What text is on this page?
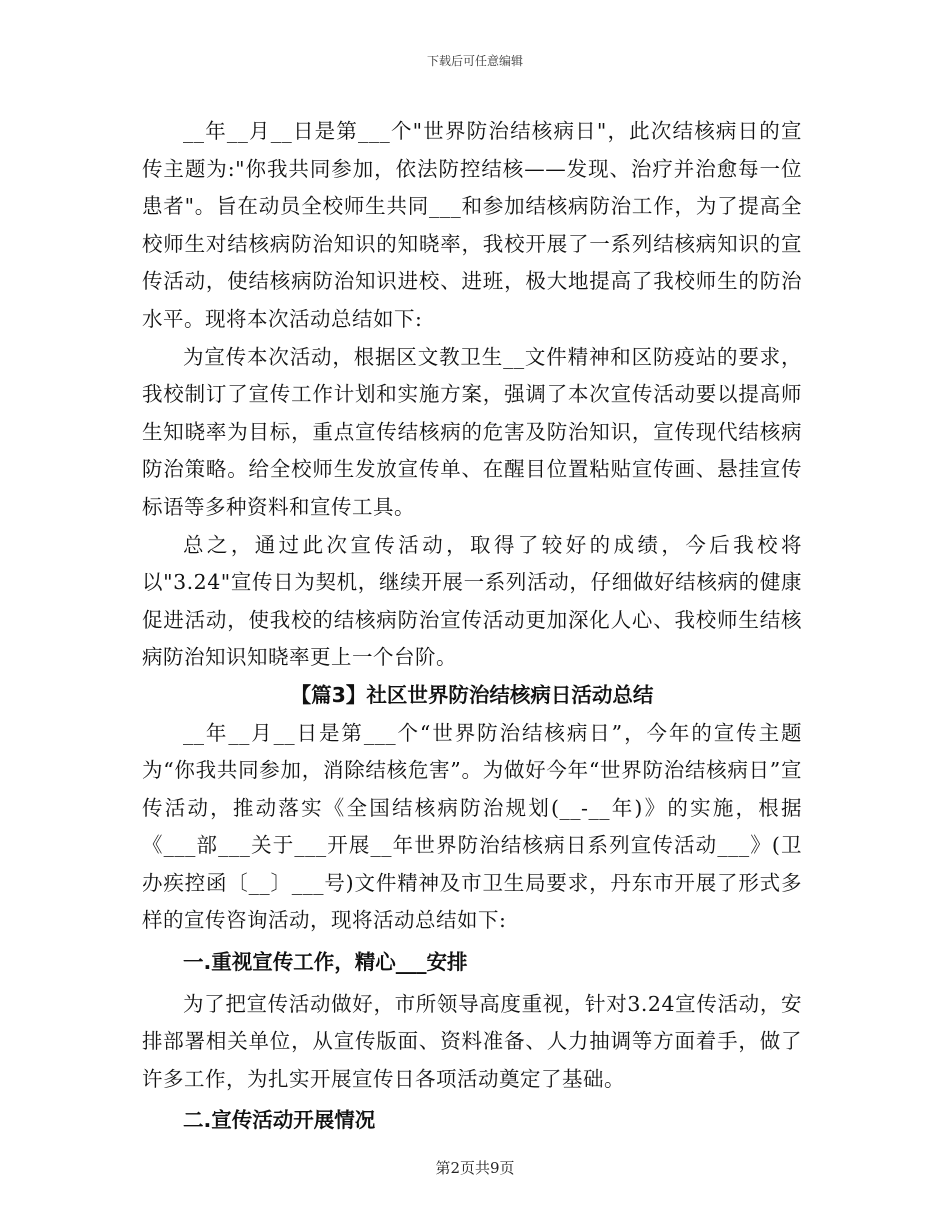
下载后可任意编辑

__年__月__日是第___个"世界防治结核病日"，此次结核病日的宣传主题为:"你我共同参加，依法防控结核——发现、治疗并治愈每一位患者"。旨在动员全校师生共同___和参加结核病防治工作，为了提高全校师生对结核病防治知识的知晓率，我校开展了一系列结核病知识的宣传活动，使结核病防治知识进校、进班，极大地提高了我校师生的防治水平。现将本次活动总结如下:

为宣传本次活动，根据区文教卫生__文件精神和区防疫站的要求，我校制订了宣传工作计划和实施方案，强调了本次宣传活动要以提高师生知晓率为目标，重点宣传结核病的危害及防治知识，宣传现代结核病防治策略。给全校师生发放宣传单、在醒目位置粘贴宣传画、悬挂宣传标语等多种资料和宣传工具。

总之，通过此次宣传活动，取得了较好的成绩，今后我校将以"3.24"宣传日为契机，继续开展一系列活动，仔细做好结核病的健康促进活动，使我校的结核病防治宣传活动更加深化人心、我校师生结核病防治知识知晓率更上一个台阶。

【篇3】社区世界防治结核病日活动总结

__年__月__日是第___个“世界防治结核病日”，今年的宣传主题为“你我共同参加，消除结核危害”。为做好今年“世界防治结核病日”宣传活动，推动落实《全国结核病防治规划(__-__年)》的实施，根据《___部___关于___开展__年世界防治结核病日系列宣传活动___》(卫办疾控函〔__〕___号)文件精神及市卫生局要求，丹东市开展了形式多样的宣传咨询活动，现将活动总结如下:

一.重视宣传工作，精心___安排

为了把宣传活动做好，市所领导高度重视，针对3.24宣传活动，安排部署相关单位，从宣传版面、资料准备、人力抽调等方面着手，做了许多工作，为扎实开展宣传日各项活动奠定了基础。

二.宣传活动开展情况

第2页共9页
